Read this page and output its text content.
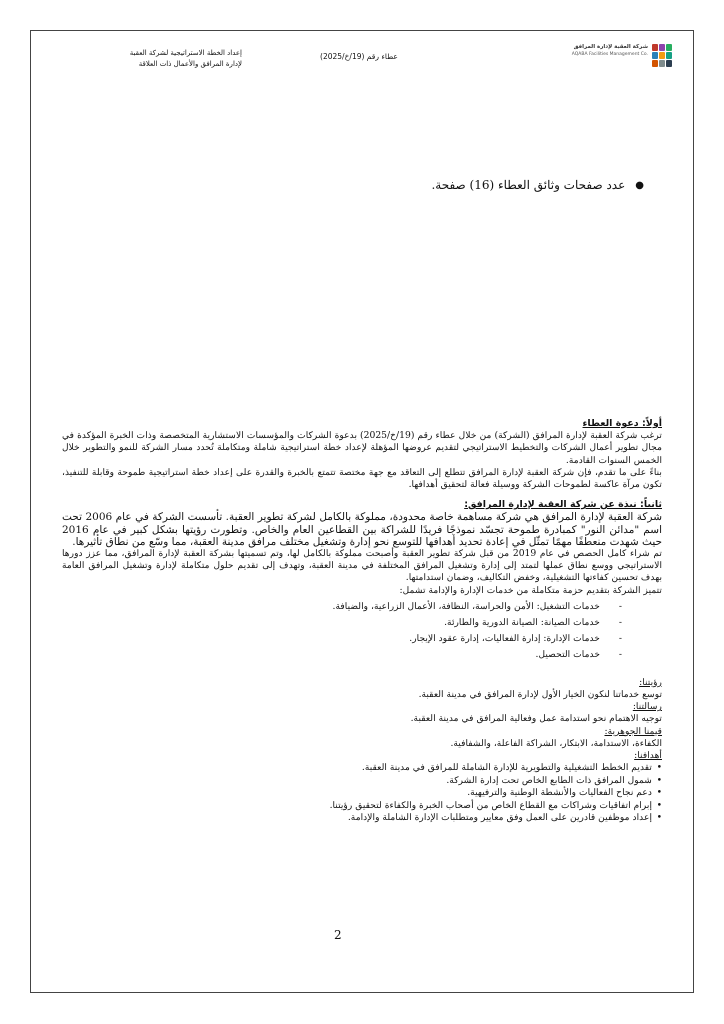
شركة العقبة لإدارة المرافق
AQABA Facilities Management Co.
عطاء رقم (19/خ/2025)
إعداد الخطة الاستراتيجية لشركة العقبة
لإدارة المرافق والأعمال ذات العلاقة
●
عدد صفحات وثائق العطاء (16) صفحة.
أولاً: دعوة العطاء

ترغب شركة العقبة لإدارة المرافق (الشركة) من خلال عطاء رقم (19/خ/2025) بدعوة الشركات والمؤسسات الاستشارية المتخصصة وذات الخبرة المؤكدة في مجال تطوير أعمال الشركات والتخطيط الاستراتيجي لتقديم عروضها المؤهلة لإعداد خطة استراتيجية شاملة ومتكاملة تُحدد مسار الشركة للنمو والتطوير خلال الخمس السنوات القادمة.

بناءً على ما تقدم، فإن شركة العقبة لإدارة المرافق تتطلع إلى التعاقد مع جهة مختصة تتمتع بالخبرة والقدرة على إعداد خطة استراتيجية طموحة وقابلة للتنفيذ، تكون مرآة عاكسة لطموحات الشركة ووسيلة فعالة لتحقيق أهدافها.

ثانياً: نبذة عن شركة العقبة لإدارة المرافق:

شركة العقبة لإدارة المرافق هي شركة مساهمة خاصة محدودة، مملوكة بالكامل لشركة تطوير العقبة. تأسست الشركة في عام 2006 تحت اسم "مدائن النور" كمبادرة طموحة تجسّد نموذجًا فريدًا للشراكة بين القطاعين العام والخاص. وتطورت رؤيتها بشكل كبير في عام 2016 حيث شهدت منعطفًا مهمًا تمثّل في إعادة تحديد أهدافها للتوسع نحو إدارة وتشغيل مختلف مرافق مدينة العقبة، مما وسّع من نطاق تأثيرها.

تم شراء كامل الحصص في عام 2019 من قبل شركة تطوير العقبة وأصبحت مملوكة بالكامل لها، وتم تسميتها بشركة العقبة لإدارة المرافق، مما عزز دورها الاستراتيجي ووسع نطاق عملها لتمتد إلى إدارة وتشغيل المرافق المختلفة في مدينة العقبة، وتهدف إلى تقديم حلول متكاملة لإدارة وتشغيل المرافق العامة بهدف تحسين كفاءتها التشغيلية، وخفض التكاليف، وضمان استدامتها.

تتميز الشركة بتقديم حزمة متكاملة من خدمات الإدارة والإدامة تشمل:

- خدمات التشغيل: الأمن والحراسة، النظافة، الأعمال الزراعية، والضيافة.
- خدمات الصيانة: الصيانة الدورية والطارئة.
- خدمات الإدارة: إدارة الفعاليات، إدارة عقود الإيجار.
- خدمات التحصيل.
رؤيتنا:
توسع خدماتنا لنكون الخيار الأول لإدارة المرافق في مدينة العقبة.
رسالتنا:
توجيه الاهتمام نحو استدامة عمل وفعالية المرافق في مدينة العقبة.
قيمنا الجوهرية:
الكفاءة، الاستدامة، الابتكار، الشراكة الفاعلة، والشفافية.
أهدافنا:
• تقديم الخطط التشغيلية والتطويرية للإدارة الشاملة للمرافق في مدينة العقبة.
• شمول المرافق ذات الطابع الخاص تحت إدارة الشركة.
• دعم نجاح الفعاليات والأنشطة الوطنية والترفيهية.
• إبرام اتفاقيات وشراكات مع القطاع الخاص من أصحاب الخبرة والكفاءة لتحقيق رؤيتنا.
• إعداد موظفين قادرين على العمل وفق معايير ومتطلبات الإدارة الشاملة والإدامة.
2
